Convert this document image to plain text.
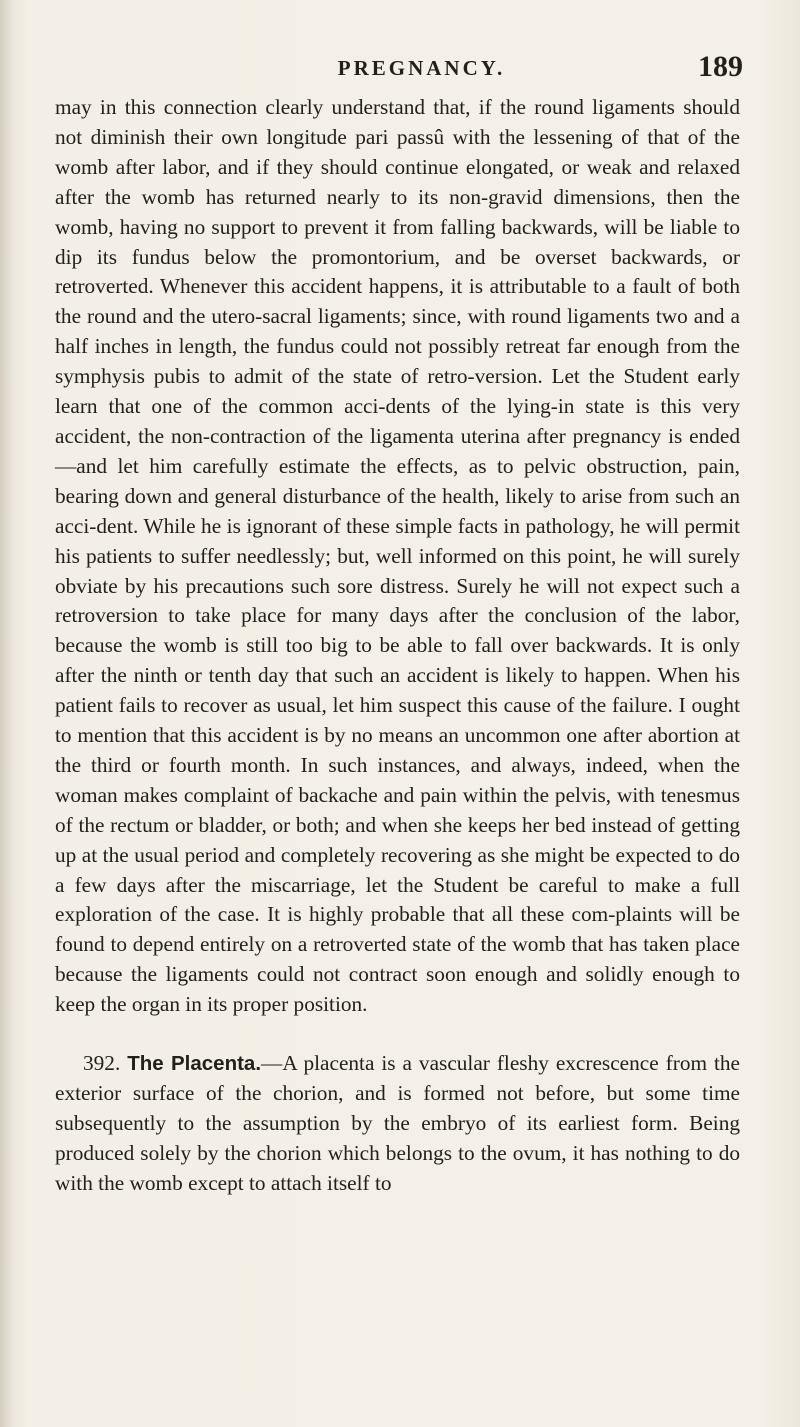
PREGNANCY.	189

may in this connection clearly understand that, if the round ligaments should not diminish their own longitude pari passû with the lessening of that of the womb after labor, and if they should continue elongated, or weak and relaxed after the womb has returned nearly to its non-gravid dimensions, then the womb, having no support to prevent it from falling backwards, will be liable to dip its fundus below the promontorium, and be overset backwards, or retroverted. Whenever this accident happens, it is attributable to a fault of both the round and the utero-sacral ligaments; since, with round ligaments two and a half inches in length, the fundus could not possibly retreat far enough from the symphysis pubis to admit of the state of retro-version. Let the Student early learn that one of the common acci-dents of the lying-in state is this very accident, the non-contraction of the ligamenta uterina after pregnancy is ended—and let him carefully estimate the effects, as to pelvic obstruction, pain, bearing down and general disturbance of the health, likely to arise from such an acci-dent. While he is ignorant of these simple facts in pathology, he will permit his patients to suffer needlessly; but, well informed on this point, he will surely obviate by his precautions such sore distress. Surely he will not expect such a retroversion to take place for many days after the conclusion of the labor, because the womb is still too big to be able to fall over backwards. It is only after the ninth or tenth day that such an accident is likely to happen. When his patient fails to recover as usual, let him suspect this cause of the failure. I ought to mention that this accident is by no means an uncommon one after abortion at the third or fourth month. In such instances, and always, indeed, when the woman makes complaint of backache and pain within the pelvis, with tenesmus of the rectum or bladder, or both; and when she keeps her bed instead of getting up at the usual period and completely recovering as she might be expected to do a few days after the miscarriage, let the Student be careful to make a full exploration of the case. It is highly probable that all these com-plaints will be found to depend entirely on a retroverted state of the womb that has taken place because the ligaments could not contract soon enough and solidly enough to keep the organ in its proper position.

392. The Placenta.—A placenta is a vascular fleshy excrescence from the exterior surface of the chorion, and is formed not before, but some time subsequently to the assumption by the embryo of its earliest form. Being produced solely by the chorion which belongs to the ovum, it has nothing to do with the womb except to attach itself to
